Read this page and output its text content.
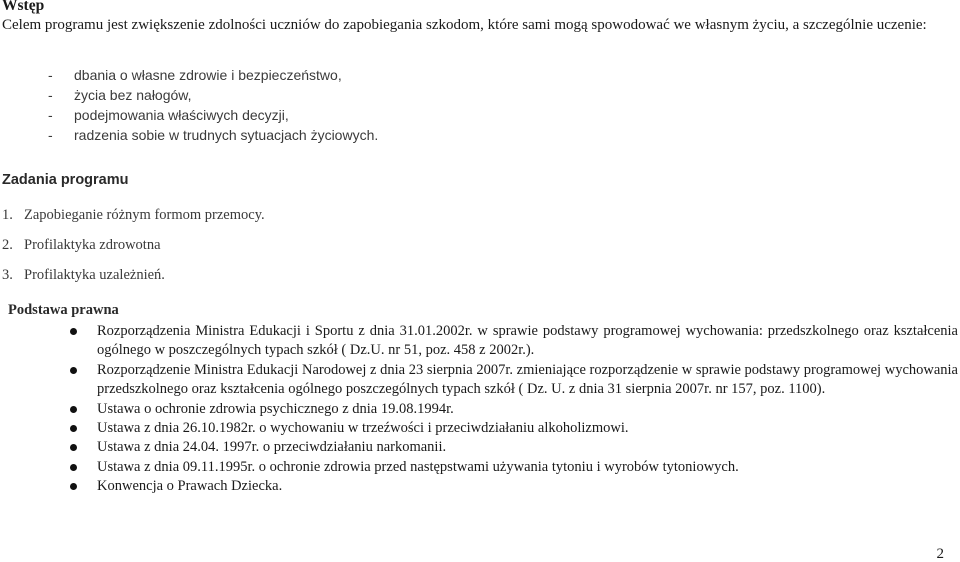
Wstęp

Celem programu jest zwiększenie zdolności uczniów do zapobiegania szkodom, które sami mogą spowodować we własnym życiu, a szczególnie uczenie:

- dbania o własne zdrowie i bezpieczeństwo,
- życia bez nałogów,
- podejmowania właściwych decyzji,
- radzenia sobie w trudnych sytuacjach życiowych.
Zadania programu
1. Zapobieganie różnym formom przemocy.
2. Profilaktyka zdrowotna
3. Profilaktyka uzależnień.
Podstawa prawna
Rozporządzenia Ministra Edukacji i Sportu z dnia 31.01.2002r. w sprawie podstawy programowej wychowania: przedszkolnego oraz kształcenia ogólnego w poszczególnych typach szkół ( Dz.U. nr 51, poz. 458 z 2002r.).
Rozporządzenie Ministra Edukacji Narodowej z dnia 23 sierpnia 2007r. zmieniające rozporządzenie w sprawie podstawy programowej wychowania przedszkolnego oraz kształcenia ogólnego poszczególnych typach szkół ( Dz. U. z dnia 31 sierpnia 2007r. nr 157, poz. 1100).
Ustawa o ochronie zdrowia psychicznego z dnia 19.08.1994r.
Ustawa z dnia 26.10.1982r. o wychowaniu w trzeźwości i przeciwdziałaniu alkoholizmowi.
Ustawa z dnia 24.04. 1997r. o przeciwdziałaniu narkomanii.
Ustawa z dnia 09.11.1995r. o ochronie zdrowia przed następstwami używania tytoniu i wyrobów tytoniowych.
Konwencja o Prawach Dziecka.

2
